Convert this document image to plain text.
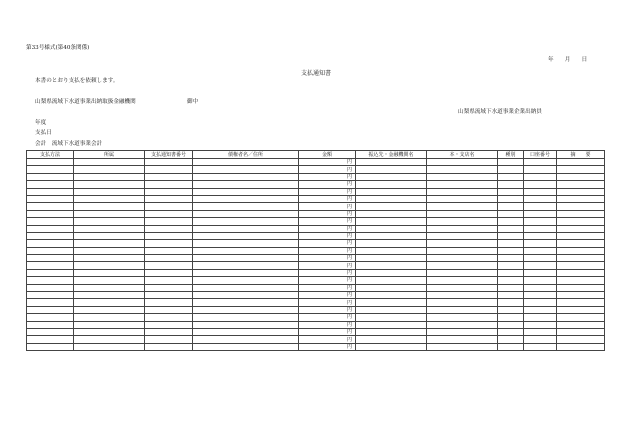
第33号様式(第40条関係)
年　　月　　日
支払通知書
本書のとおり支払を依頼します。
山梨県流域下水道事業出納取扱金融機関	御中
山梨県流域下水道事業企業出納員
年度
支払日
会計　流域下水道事業会計
支払方法	所属	支払通知書番号	債権者名／住所	金額	振込先・金融機関名	本・支店名	種別	口座番号	摘　　要
				円					
				円					
				円					
				円					
				円					
				円					
				円					
				円					
				円					
				円					
				円					
				円					
				円					
				円					
				円					
				円					
				円					
				円					
				円					
				円					
				円					
				円					
				円					
				円					
				円					
				円					
